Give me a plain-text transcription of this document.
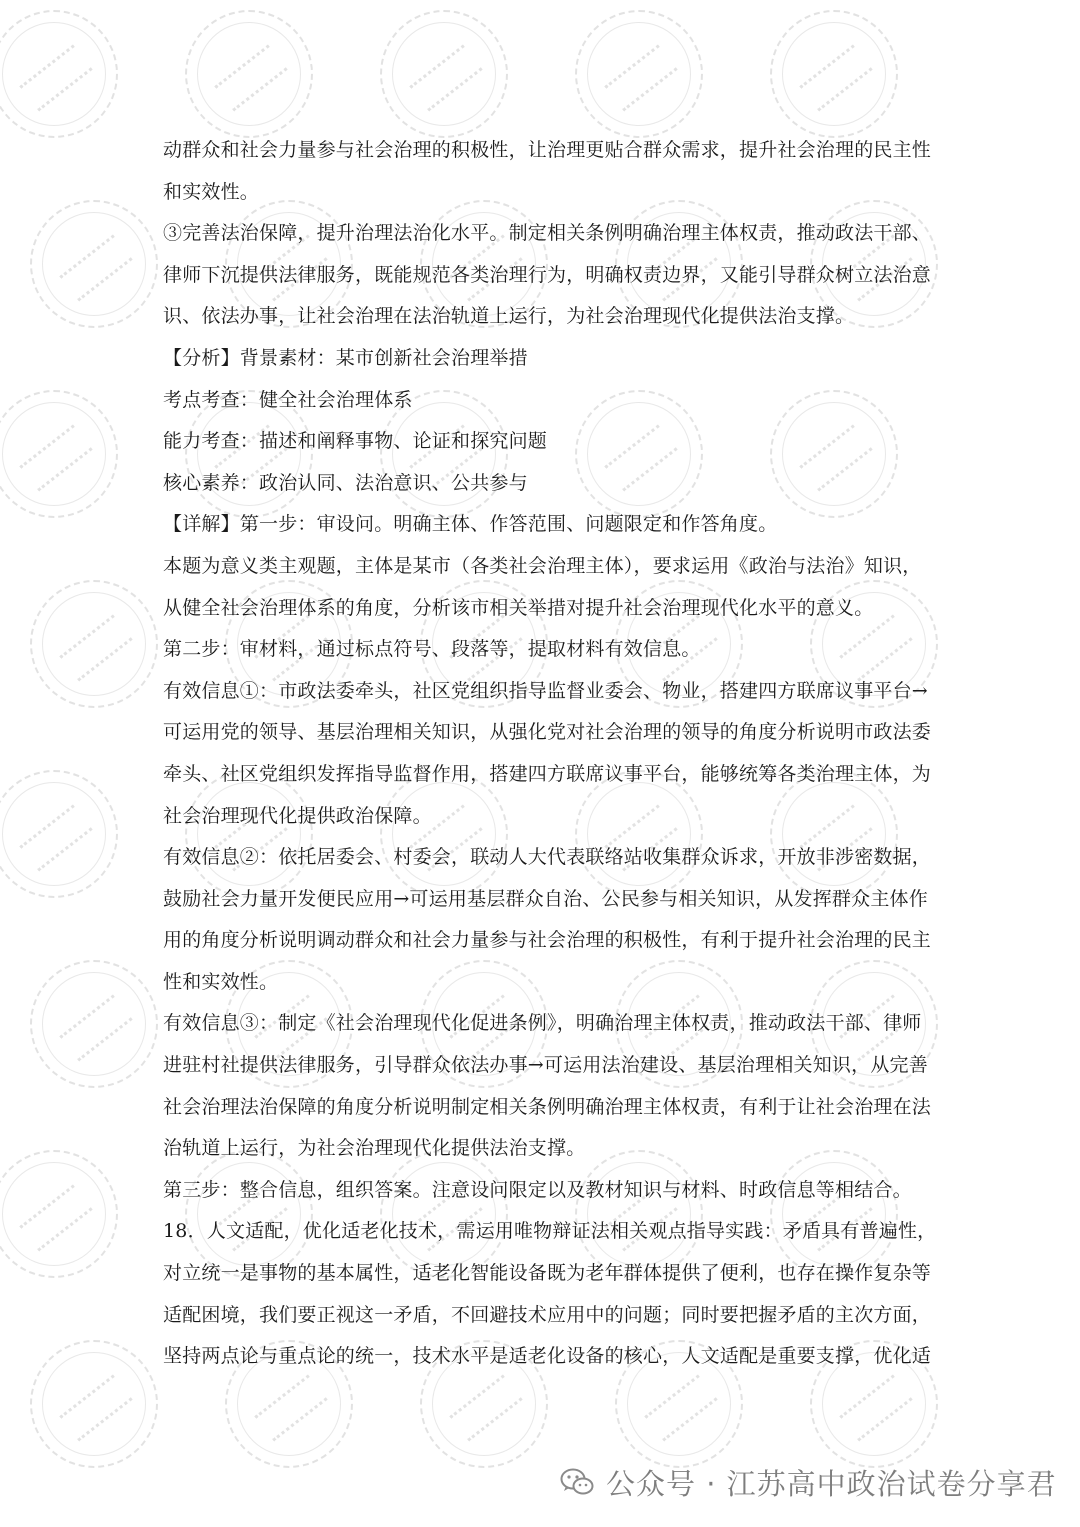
动群众和社会力量参与社会治理的积极性，让治理更贴合群众需求，提升社会治理的民主性
和实效性。
③完善法治保障，提升治理法治化水平。制定相关条例明确治理主体权责，推动政法干部、
律师下沉提供法律服务，既能规范各类治理行为，明确权责边界，又能引导群众树立法治意
识、依法办事，让社会治理在法治轨道上运行，为社会治理现代化提供法治支撑。
【分析】背景素材：某市创新社会治理举措
考点考查：健全社会治理体系
能力考查：描述和阐释事物、论证和探究问题
核心素养：政治认同、法治意识、公共参与
【详解】第一步：审设问。明确主体、作答范围、问题限定和作答角度。
本题为意义类主观题，主体是某市（各类社会治理主体），要求运用《政治与法治》知识，
从健全社会治理体系的角度，分析该市相关举措对提升社会治理现代化水平的意义。
第二步：审材料，通过标点符号、段落等，提取材料有效信息。
有效信息①：市政法委牵头，社区党组织指导监督业委会、物业，搭建四方联席议事平台→
可运用党的领导、基层治理相关知识，从强化党对社会治理的领导的角度分析说明市政法委
牵头、社区党组织发挥指导监督作用，搭建四方联席议事平台，能够统筹各类治理主体，为
社会治理现代化提供政治保障。
有效信息②：依托居委会、村委会，联动人大代表联络站收集群众诉求，开放非涉密数据，
鼓励社会力量开发便民应用→可运用基层群众自治、公民参与相关知识，从发挥群众主体作
用的角度分析说明调动群众和社会力量参与社会治理的积极性，有利于提升社会治理的民主
性和实效性。
有效信息③：制定《社会治理现代化促进条例》，明确治理主体权责，推动政法干部、律师
进驻村社提供法律服务，引导群众依法办事→可运用法治建设、基层治理相关知识，从完善
社会治理法治保障的角度分析说明制定相关条例明确治理主体权责，有利于让社会治理在法
治轨道上运行，为社会治理现代化提供法治支撑。
第三步：整合信息，组织答案。注意设问限定以及教材知识与材料、时政信息等相结合。
18．人文适配，优化适老化技术，需运用唯物辩证法相关观点指导实践：矛盾具有普遍性，
对立统一是事物的基本属性，适老化智能设备既为老年群体提供了便利，也存在操作复杂等
适配困境，我们要正视这一矛盾，不回避技术应用中的问题；同时要把握矛盾的主次方面，
坚持两点论与重点论的统一，技术水平是适老化设备的核心，人文适配是重要支撑，优化适
公众号 · 江苏高中政治试卷分享君
